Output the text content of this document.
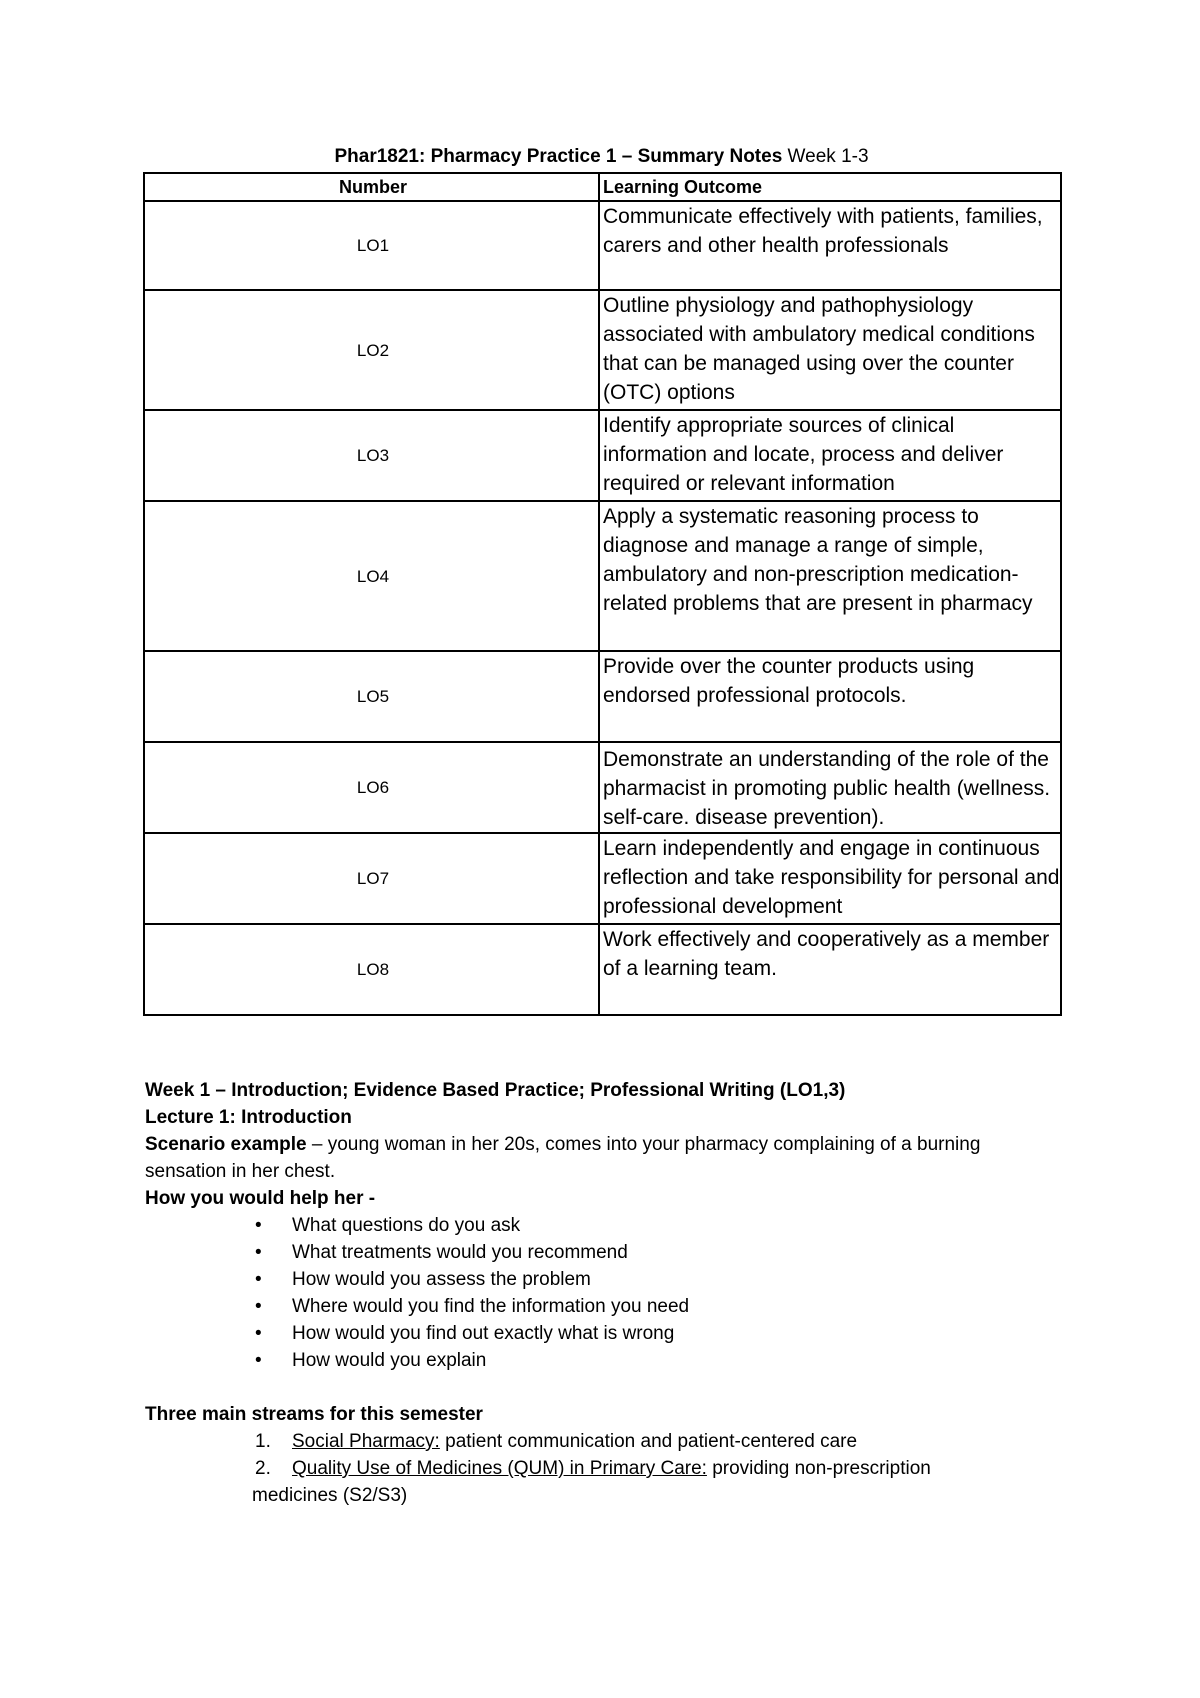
Phar1821: Pharmacy Practice 1 – Summary Notes Week 1-3
Number	Learning Outcome
LO1	Communicate effectively with patients, families, carers and other health professionals
LO2	Outline physiology and pathophysiology associated with ambulatory medical conditions that can be managed using over the counter (OTC) options
LO3	Identify appropriate sources of clinical information and locate, process and deliver required or relevant information
LO4	Apply a systematic reasoning process to diagnose and manage a range of simple, ambulatory and non-prescription medication-related problems that are present in pharmacy
LO5	Provide over the counter products using endorsed professional protocols.
LO6	Demonstrate an understanding of the role of the pharmacist in promoting public health (wellness. self-care. disease prevention).
LO7	Learn independently and engage in continuous reflection and take responsibility for personal and professional development
LO8	Work effectively and cooperatively as a member of a learning team.

Week 1 – Introduction; Evidence Based Practice; Professional Writing (LO1,3)

Lecture 1: Introduction

Scenario example – young woman in her 20s, comes into your pharmacy complaining of a burning sensation in her chest.

How you would help her -

• What questions do you ask
• What treatments would you recommend
• How would you assess the problem
• Where would you find the information you need
• How would you find out exactly what is wrong
• How would you explain

Three main streams for this semester

1. Social Pharmacy: patient communication and patient-centered care
2. Quality Use of Medicines (QUM) in Primary Care: providing non-prescription
medicines (S2/S3)
